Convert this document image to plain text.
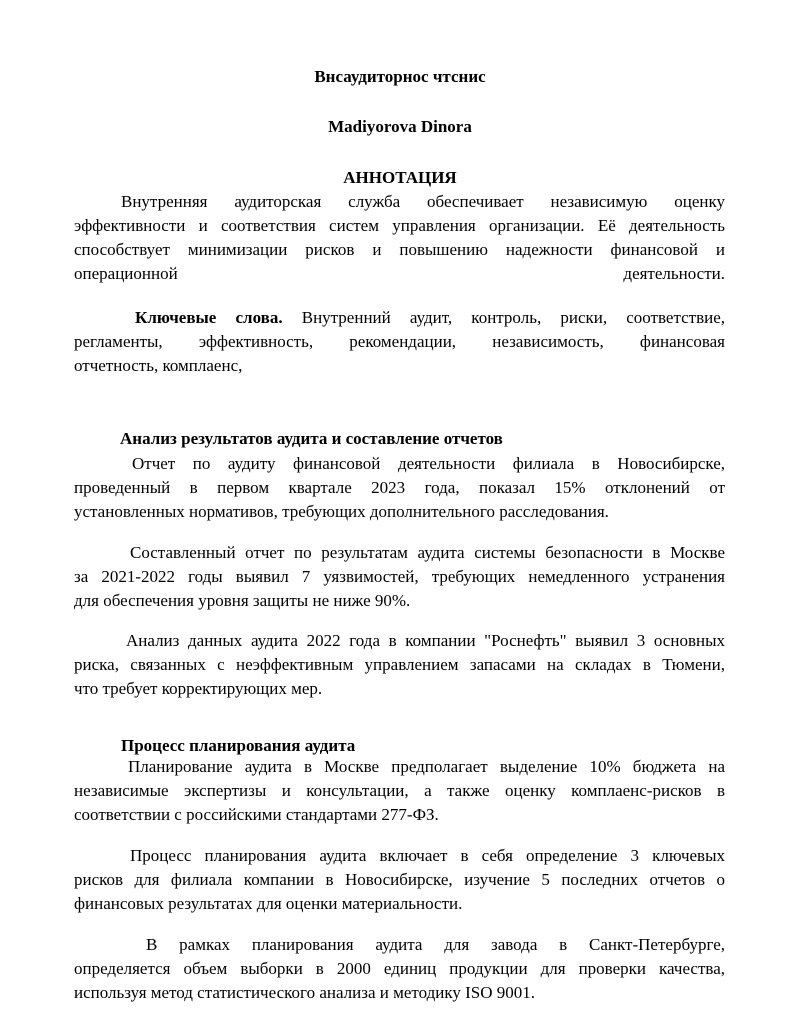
Внсаудиторнос чтснис
Madiyorova Dinora
АННОТАЦИЯ
Внутренняя аудиторская служба обеспечивает независимую оценку
эффективности и соответствия систем управления организации. Её деятельность
способствует минимизации рисков и повышению надежности финансовой и
операционной	деятельности.
Ключевые слова. Внутренний аудит, контроль, риски, соответствие,
регламенты, эффективность, рекомендации, независимость, финансовая
отчетность, комплаенс,
Анализ результатов аудита и составление отчетов
Отчет по аудиту финансовой деятельности филиала в Новосибирске,
проведенный в первом квартале 2023 года, показал 15% отклонений от
установленных нормативов, требующих дополнительного расследования.
Составленный отчет по результатам аудита системы безопасности в Москве
за 2021-2022 годы выявил 7 уязвимостей, требующих немедленного устранения
для обеспечения уровня защиты не ниже 90%.
Анализ данных аудита 2022 года в компании "Роснефть" выявил 3 основных
риска, связанных с неэффективным управлением запасами на складах в Тюмени,
что требует корректирующих мер.
Процесс планирования аудита
Планирование аудита в Москве предполагает выделение 10% бюджета на
независимые экспертизы и консультации, а также оценку комплаенс-рисков в
соответствии с российскими стандартами 277-ФЗ.
Процесс планирования аудита включает в себя определение 3 ключевых
рисков для филиала компании в Новосибирске, изучение 5 последних отчетов о
финансовых результатах для оценки материальности.
В рамках планирования аудита для завода в Санкт-Петербурге,
определяется объем выборки в 2000 единиц продукции для проверки качества,
используя метод статистического анализа и методику ISO 9001.
